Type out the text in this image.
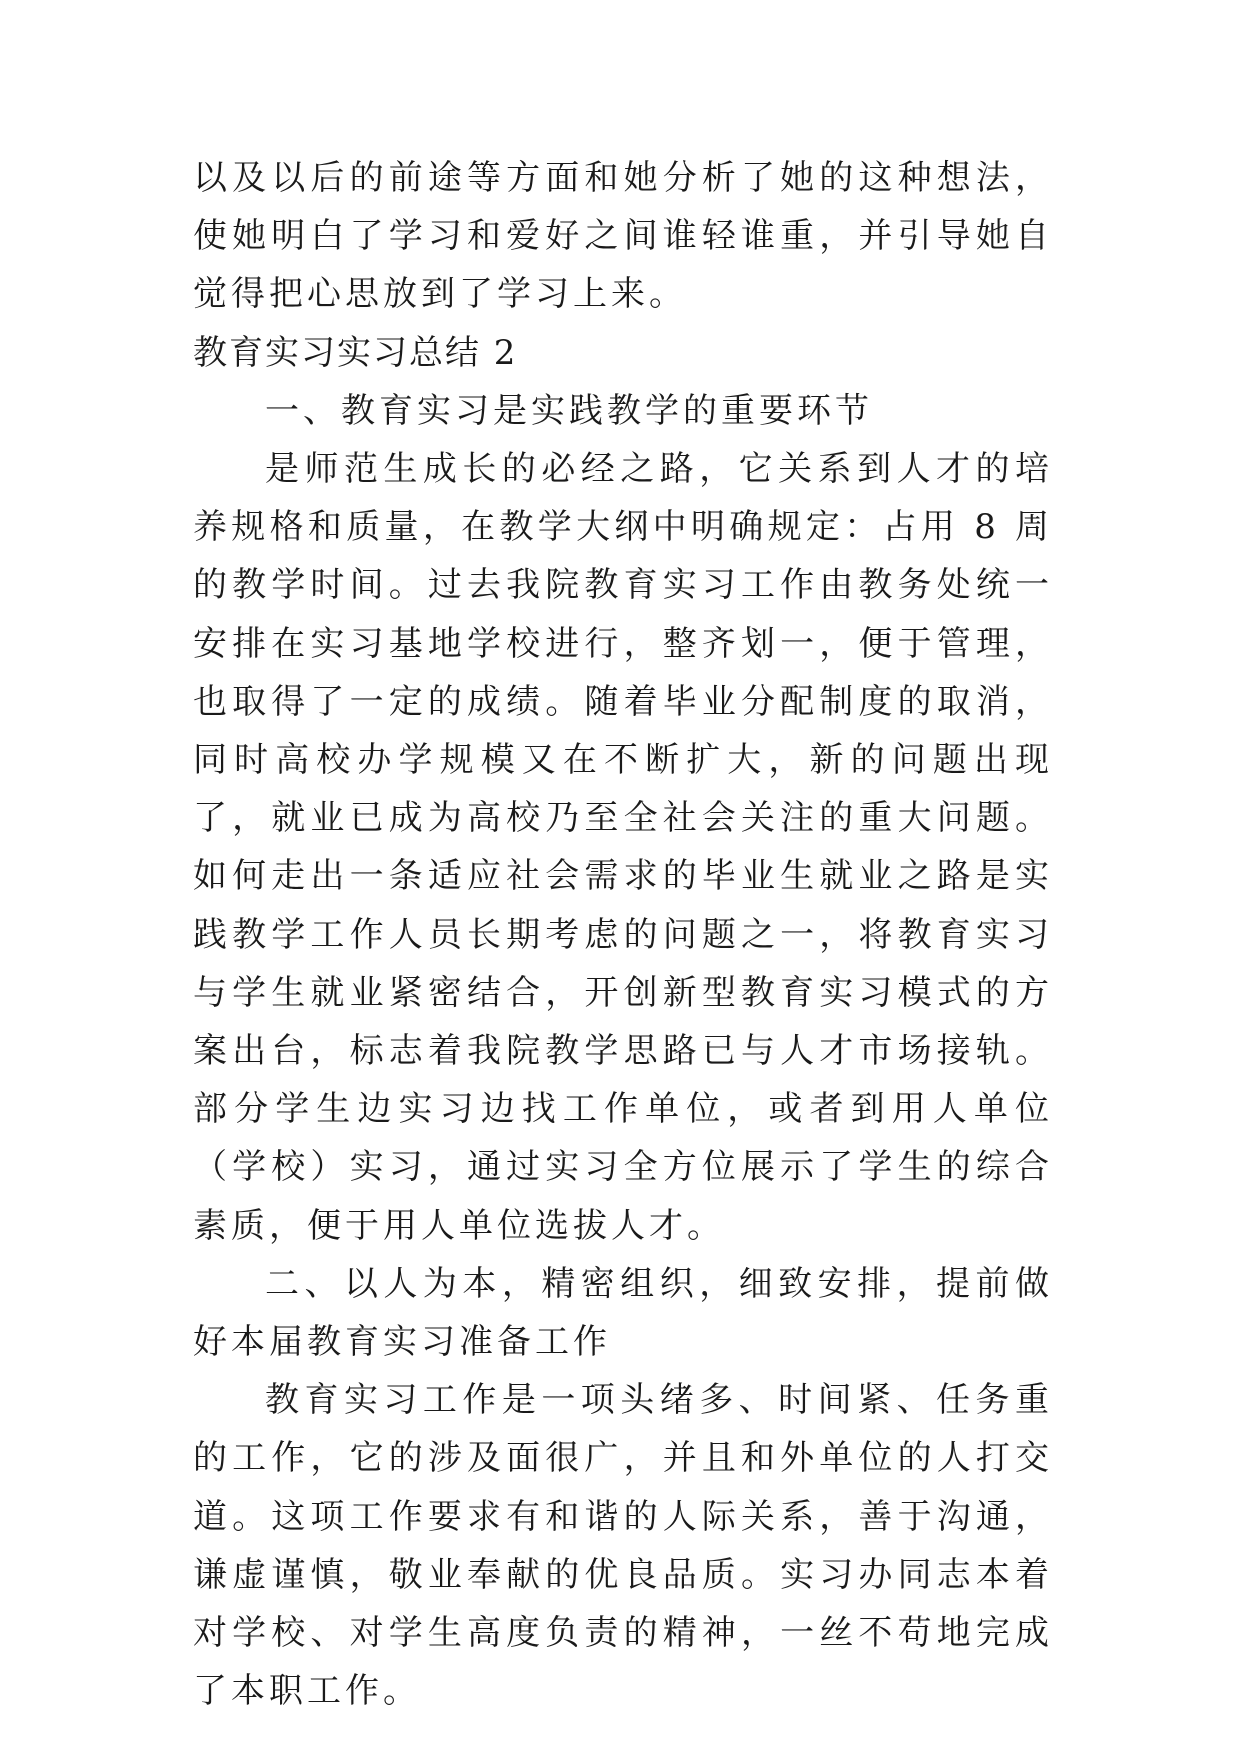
以及以后的前途等方面和她分析了她的这种想法，使她明白了学习和爱好之间谁轻谁重，并引导她自觉得把心思放到了学习上来。

教育实习实习总结 2

一、教育实习是实践教学的重要环节

是师范生成长的必经之路，它关系到人才的培养规格和质量，在教学大纲中明确规定：占用 8 周的教学时间。过去我院教育实习工作由教务处统一安排在实习基地学校进行，整齐划一，便于管理，也取得了一定的成绩。随着毕业分配制度的取消，同时高校办学规模又在不断扩大，新的问题出现了，就业已成为高校乃至全社会关注的重大问题。如何走出一条适应社会需求的毕业生就业之路是实践教学工作人员长期考虑的问题之一，将教育实习与学生就业紧密结合，开创新型教育实习模式的方案出台，标志着我院教学思路已与人才市场接轨。部分学生边实习边找工作单位，或者到用人单位（学校）实习，通过实习全方位展示了学生的综合素质，便于用人单位选拔人才。

二、以人为本，精密组织，细致安排，提前做好本届教育实习准备工作

教育实习工作是一项头绪多、时间紧、任务重的工作，它的涉及面很广，并且和外单位的人打交道。这项工作要求有和谐的人际关系，善于沟通，谦虚谨慎，敬业奉献的优良品质。实习办同志本着对学校、对学生高度负责的精神，一丝不苟地完成了本职工作。
